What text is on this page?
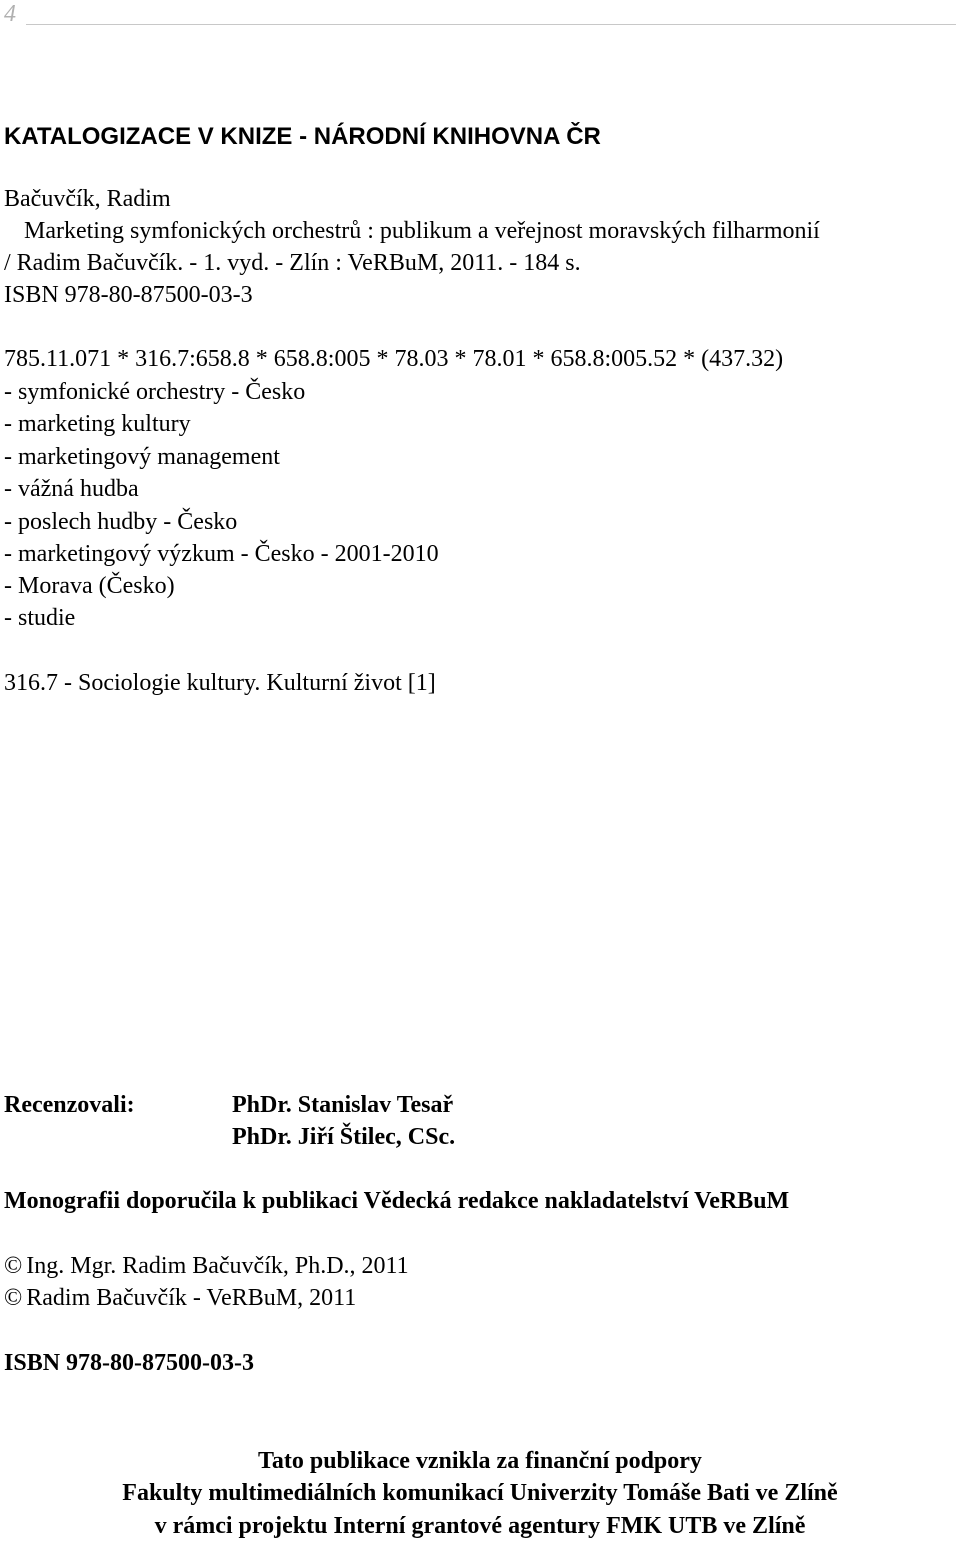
4
KATALOGIZACE V KNIZE - NÁRODNÍ KNIHOVNA ČR
Bačuvčík, Radim
Marketing symfonických orchestrů : publikum a veřejnost moravských filharmonií
/ Radim Bačuvčík. - 1. vyd. - Zlín : VeRBuM, 2011. - 184 s.
ISBN 978-80-87500-03-3
785.11.071 * 316.7:658.8 * 658.8:005 * 78.03 * 78.01 * 658.8:005.52 * (437.32)
- symfonické orchestry - Česko
- marketing kultury
- marketingový management
- vážná hudba
- poslech hudby - Česko
- marketingový výzkum - Česko - 2001-2010
- Morava (Česko)
- studie
316.7 - Sociologie kultury. Kulturní život [1]
Recenzovali:	PhDr. Stanislav Tesař
PhDr. Jiří Štilec, CSc.
Monografii doporučila k publikaci Vědecká redakce nakladatelství VeRBuM
© Ing. Mgr. Radim Bačuvčík, Ph.D., 2011
© Radim Bačuvčík - VeRBuM, 2011
ISBN 978-80-87500-03-3
Tato publikace vznikla za finanční podpory
Fakulty multimediálních komunikací Univerzity Tomáše Bati ve Zlíně
v rámci projektu Interní grantové agentury FMK UTB ve Zlíně
